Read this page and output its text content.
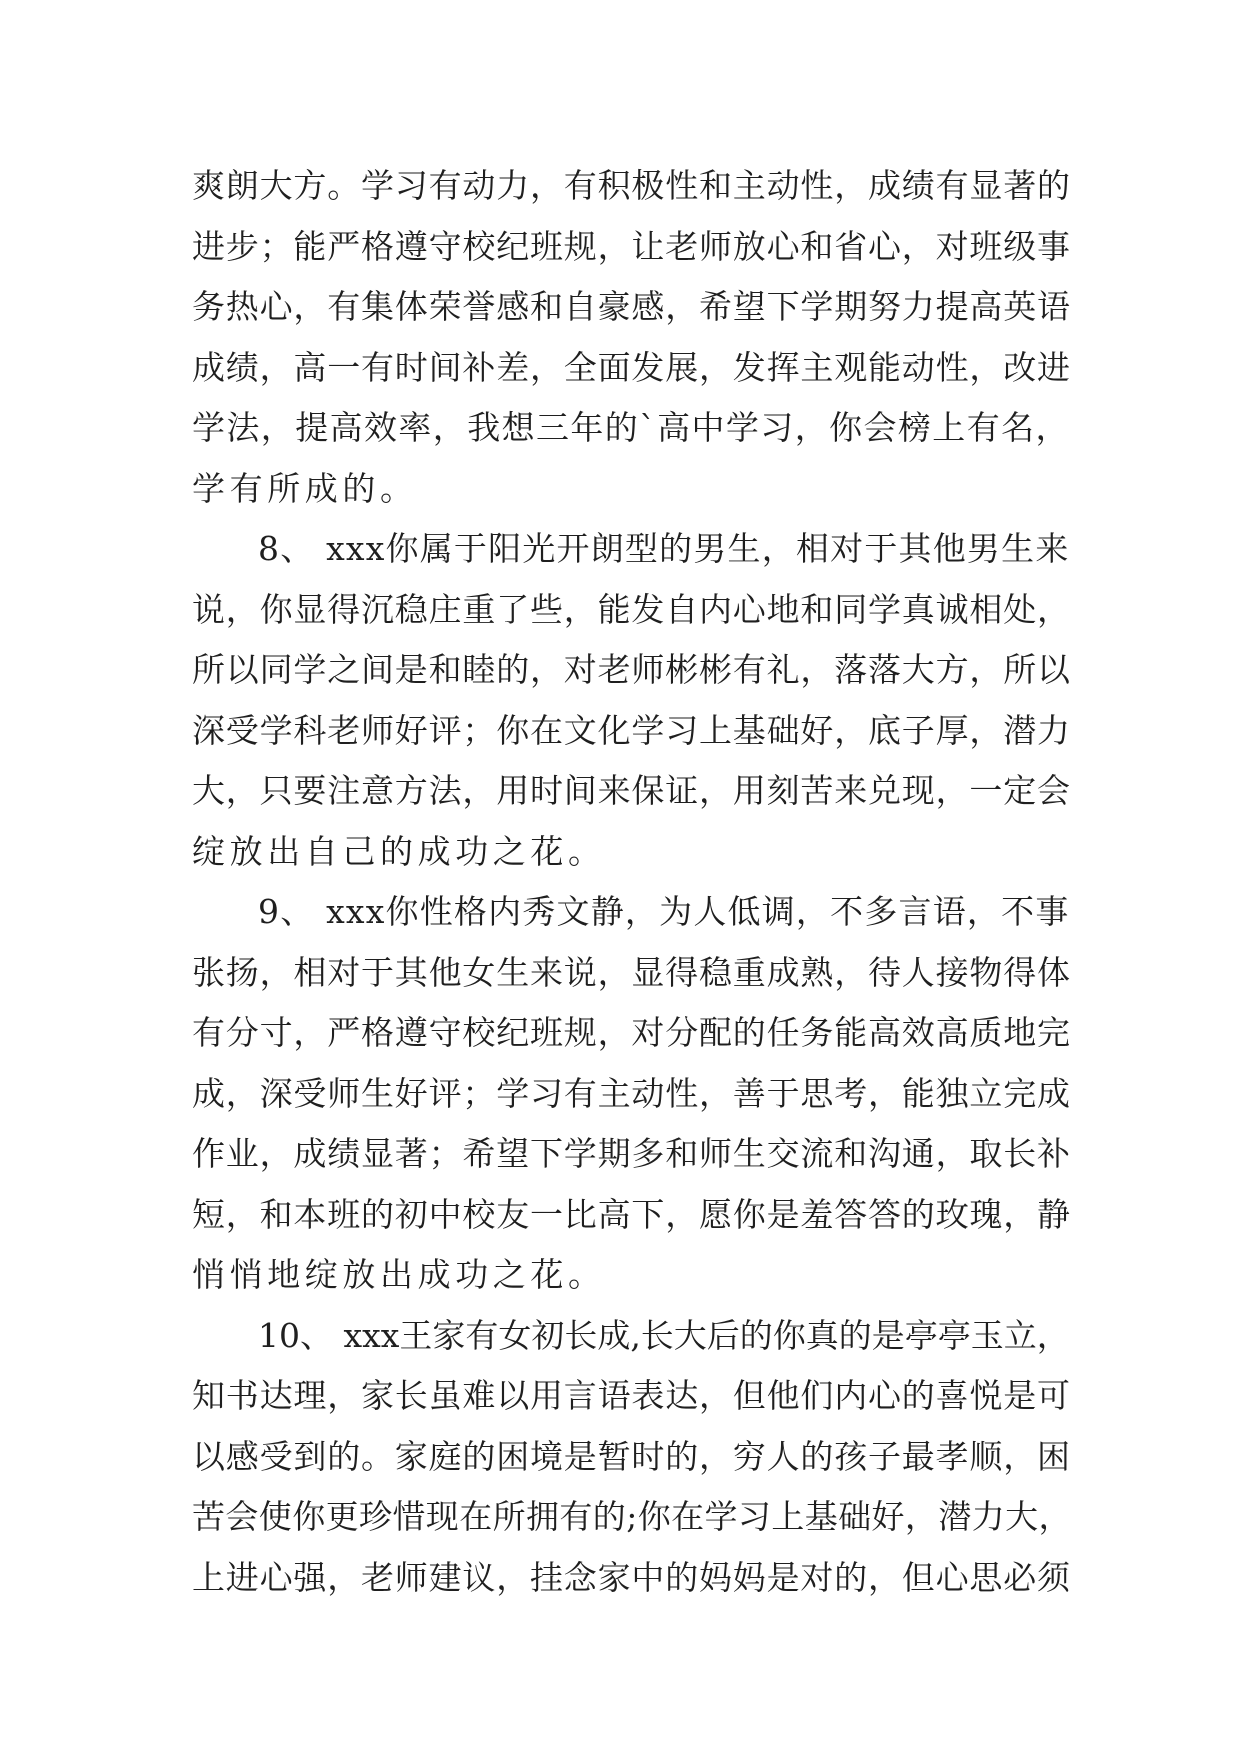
爽朗大方。学习有动力，有积极性和主动性，成绩有显著的
进步；能严格遵守校纪班规，让老师放心和省心，对班级事
务热心，有集体荣誉感和自豪感，希望下学期努力提高英语
成绩，高一有时间补差，全面发展，发挥主观能动性，改进
学法，提高效率，我想三年的`高中学习，你会榜上有名，
学有所成的。
8、 xxx你属于阳光开朗型的男生，相对于其他男生来
说，你显得沉稳庄重了些，能发自内心地和同学真诚相处，
所以同学之间是和睦的，对老师彬彬有礼，落落大方，所以
深受学科老师好评；你在文化学习上基础好，底子厚，潜力
大，只要注意方法，用时间来保证，用刻苦来兑现，一定会
绽放出自己的成功之花。
9、 xxx你性格内秀文静，为人低调，不多言语，不事
张扬，相对于其他女生来说，显得稳重成熟，待人接物得体
有分寸，严格遵守校纪班规，对分配的任务能高效高质地完
成，深受师生好评；学习有主动性，善于思考，能独立完成
作业，成绩显著；希望下学期多和师生交流和沟通，取长补
短，和本班的初中校友一比高下，愿你是羞答答的玫瑰，静
悄悄地绽放出成功之花。
10、 xxx王家有女初长成,长大后的你真的是亭亭玉立，
知书达理，家长虽难以用言语表达，但他们内心的喜悦是可
以感受到的。家庭的困境是暂时的，穷人的孩子最孝顺，困
苦会使你更珍惜现在所拥有的;你在学习上基础好，潜力大，
上进心强，老师建议，挂念家中的妈妈是对的，但心思必须
